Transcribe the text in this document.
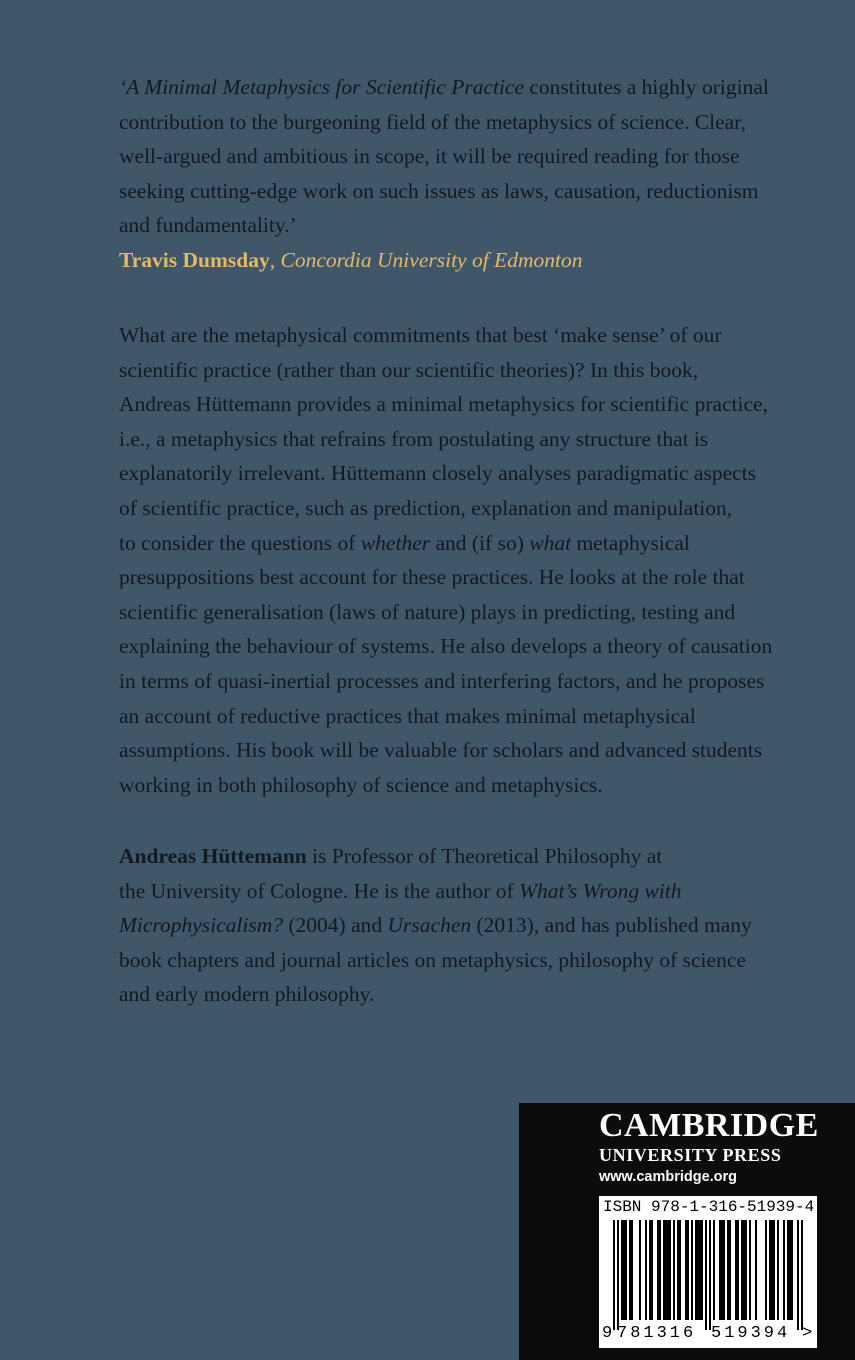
‘A Minimal Metaphysics for Scientific Practice constitutes a highly original
contribution to the burgeoning field of the metaphysics of science. Clear,
well-argued and ambitious in scope, it will be required reading for those
seeking cutting-edge work on such issues as laws, causation, reductionism
and fundamentality.’
Travis Dumsday, Concordia University of Edmonton
What are the metaphysical commitments that best ‘make sense’ of our
scientific practice (rather than our scientific theories)? In this book,
Andreas Hüttemann provides a minimal metaphysics for scientific practice,
i.e., a metaphysics that refrains from postulating any structure that is
explanatorily irrelevant. Hüttemann closely analyses paradigmatic aspects
of scientific practice, such as prediction, explanation and manipulation,
to consider the questions of whether and (if so) what metaphysical
presuppositions best account for these practices. He looks at the role that
scientific generalisation (laws of nature) plays in predicting, testing and
explaining the behaviour of systems. He also develops a theory of causation
in terms of quasi-inertial processes and interfering factors, and he proposes
an account of reductive practices that makes minimal metaphysical
assumptions. His book will be valuable for scholars and advanced students
working in both philosophy of science and metaphysics.
Andreas Hüttemann is Professor of Theoretical Philosophy at
the University of Cologne. He is the author of What’s Wrong with
Microphysicalism? (2004) and Ursachen (2013), and has published many
book chapters and journal articles on metaphysics, philosophy of science
and early modern philosophy.
CAMBRIDGE
UNIVERSITY PRESS
www.cambridge.org
ISBN 978-1-316-51939-4
9 781316 519394 >
